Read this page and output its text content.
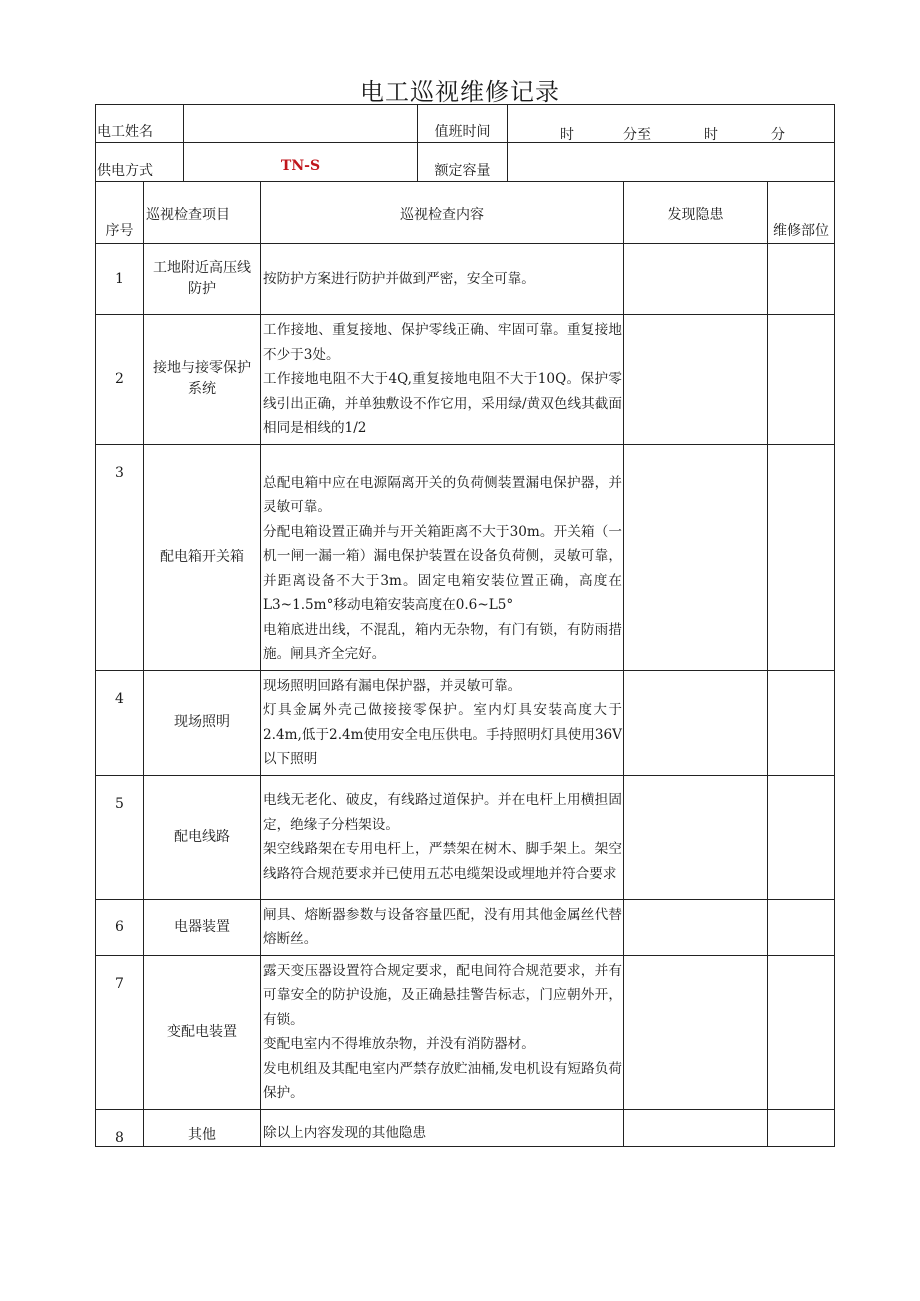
电工巡视维修记录
电工姓名		值班时间	时 分至 时 分

供电方式	TN-S	额定容量	
序号	巡视检查项目	巡视检查内容	发现隐患	维修部位
1	工地附近高压线防护	按防护方案进行防护并做到严密，安全可靠。		

2	接地与接零保护系统	工作接地、重复接地、保护零线正确、牢固可靠。重复接地不少于3处。
工作接地电阻不大于4Q,重复接地电阻不大于10Q。保护零线引出正确，并单独敷设不作它用，采用绿/黄双色线其截面相同是相线的1/2		

3	配电箱开关箱	总配电箱中应在电源隔离开关的负荷侧装置漏电保护器，并灵敏可靠。
分配电箱设置正确并与开关箱距离不大于30m。开关箱（一机一闸一漏一箱）漏电保护装置在设备负荷侧，灵敏可靠，并距离设备不大于3m。固定电箱安装位置正确，高度在L3~1.5m°移动电箱安装高度在0.6~L5°
电箱底进出线，不混乱，箱内无杂物，有门有锁，有防雨措施。闸具齐全完好。		

4	现场照明	现场照明回路有漏电保护器，并灵敏可靠。
灯具金属外壳己做接接零保护。室内灯具安装高度大于2.4m,低于2.4m使用安全电压供电。手持照明灯具使用36V以下照明		

5	配电线路	电线无老化、破皮，有线路过道保护。并在电杆上用横担固定，绝缘子分档架设。
架空线路架在专用电杆上，严禁架在树木、脚手架上。架空线路符合规范要求并已使用五芯电缆架设或埋地并符合要求		

6	电器装置	闸具、熔断器参数与设备容量匹配，没有用其他金属丝代替熔断丝。		

7	变配电装置	露天变压器设置符合规定要求，配电间符合规范要求，并有可靠安全的防护设施，及正确悬挂警告标志，门应朝外开，有锁。
变配电室内不得堆放杂物，并没有消防器材。
发电机组及其配电室内严禁存放贮油桶,发电机设有短路负荷保护。		

8	其他	除以上内容发现的其他隐患		
